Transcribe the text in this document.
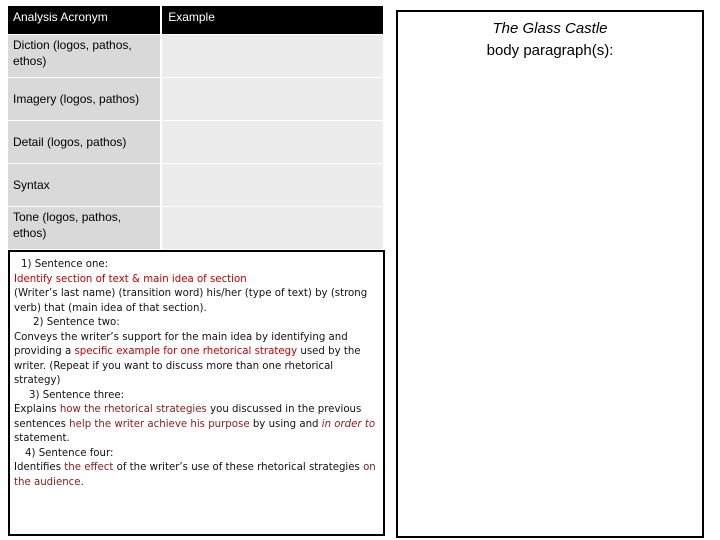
Analysis Acronym	Example
Diction (logos, pathos, ethos)
Imagery (logos, pathos)
Detail (logos, pathos)
Syntax
Tone (logos, pathos, ethos)

1) Sentence one:

Identify section of text & main idea of section

(Writer’s last name) (transition word) his/her (type of text) by (strong verb) that (main idea of that section).

2) Sentence two:

Conveys the writer’s support for the main idea by identifying and providing a specific example for one rhetorical strategy used by the writer. (Repeat if you want to discuss more than one rhetorical strategy)

3) Sentence three:

Explains how the rhetorical strategies you discussed in the previous sentences help the writer achieve his purpose by using and in order to statement.

4) Sentence four:

Identifies the effect of the writer’s use of these rhetorical strategies on the audience.

The Glass Castle
body paragraph(s):
